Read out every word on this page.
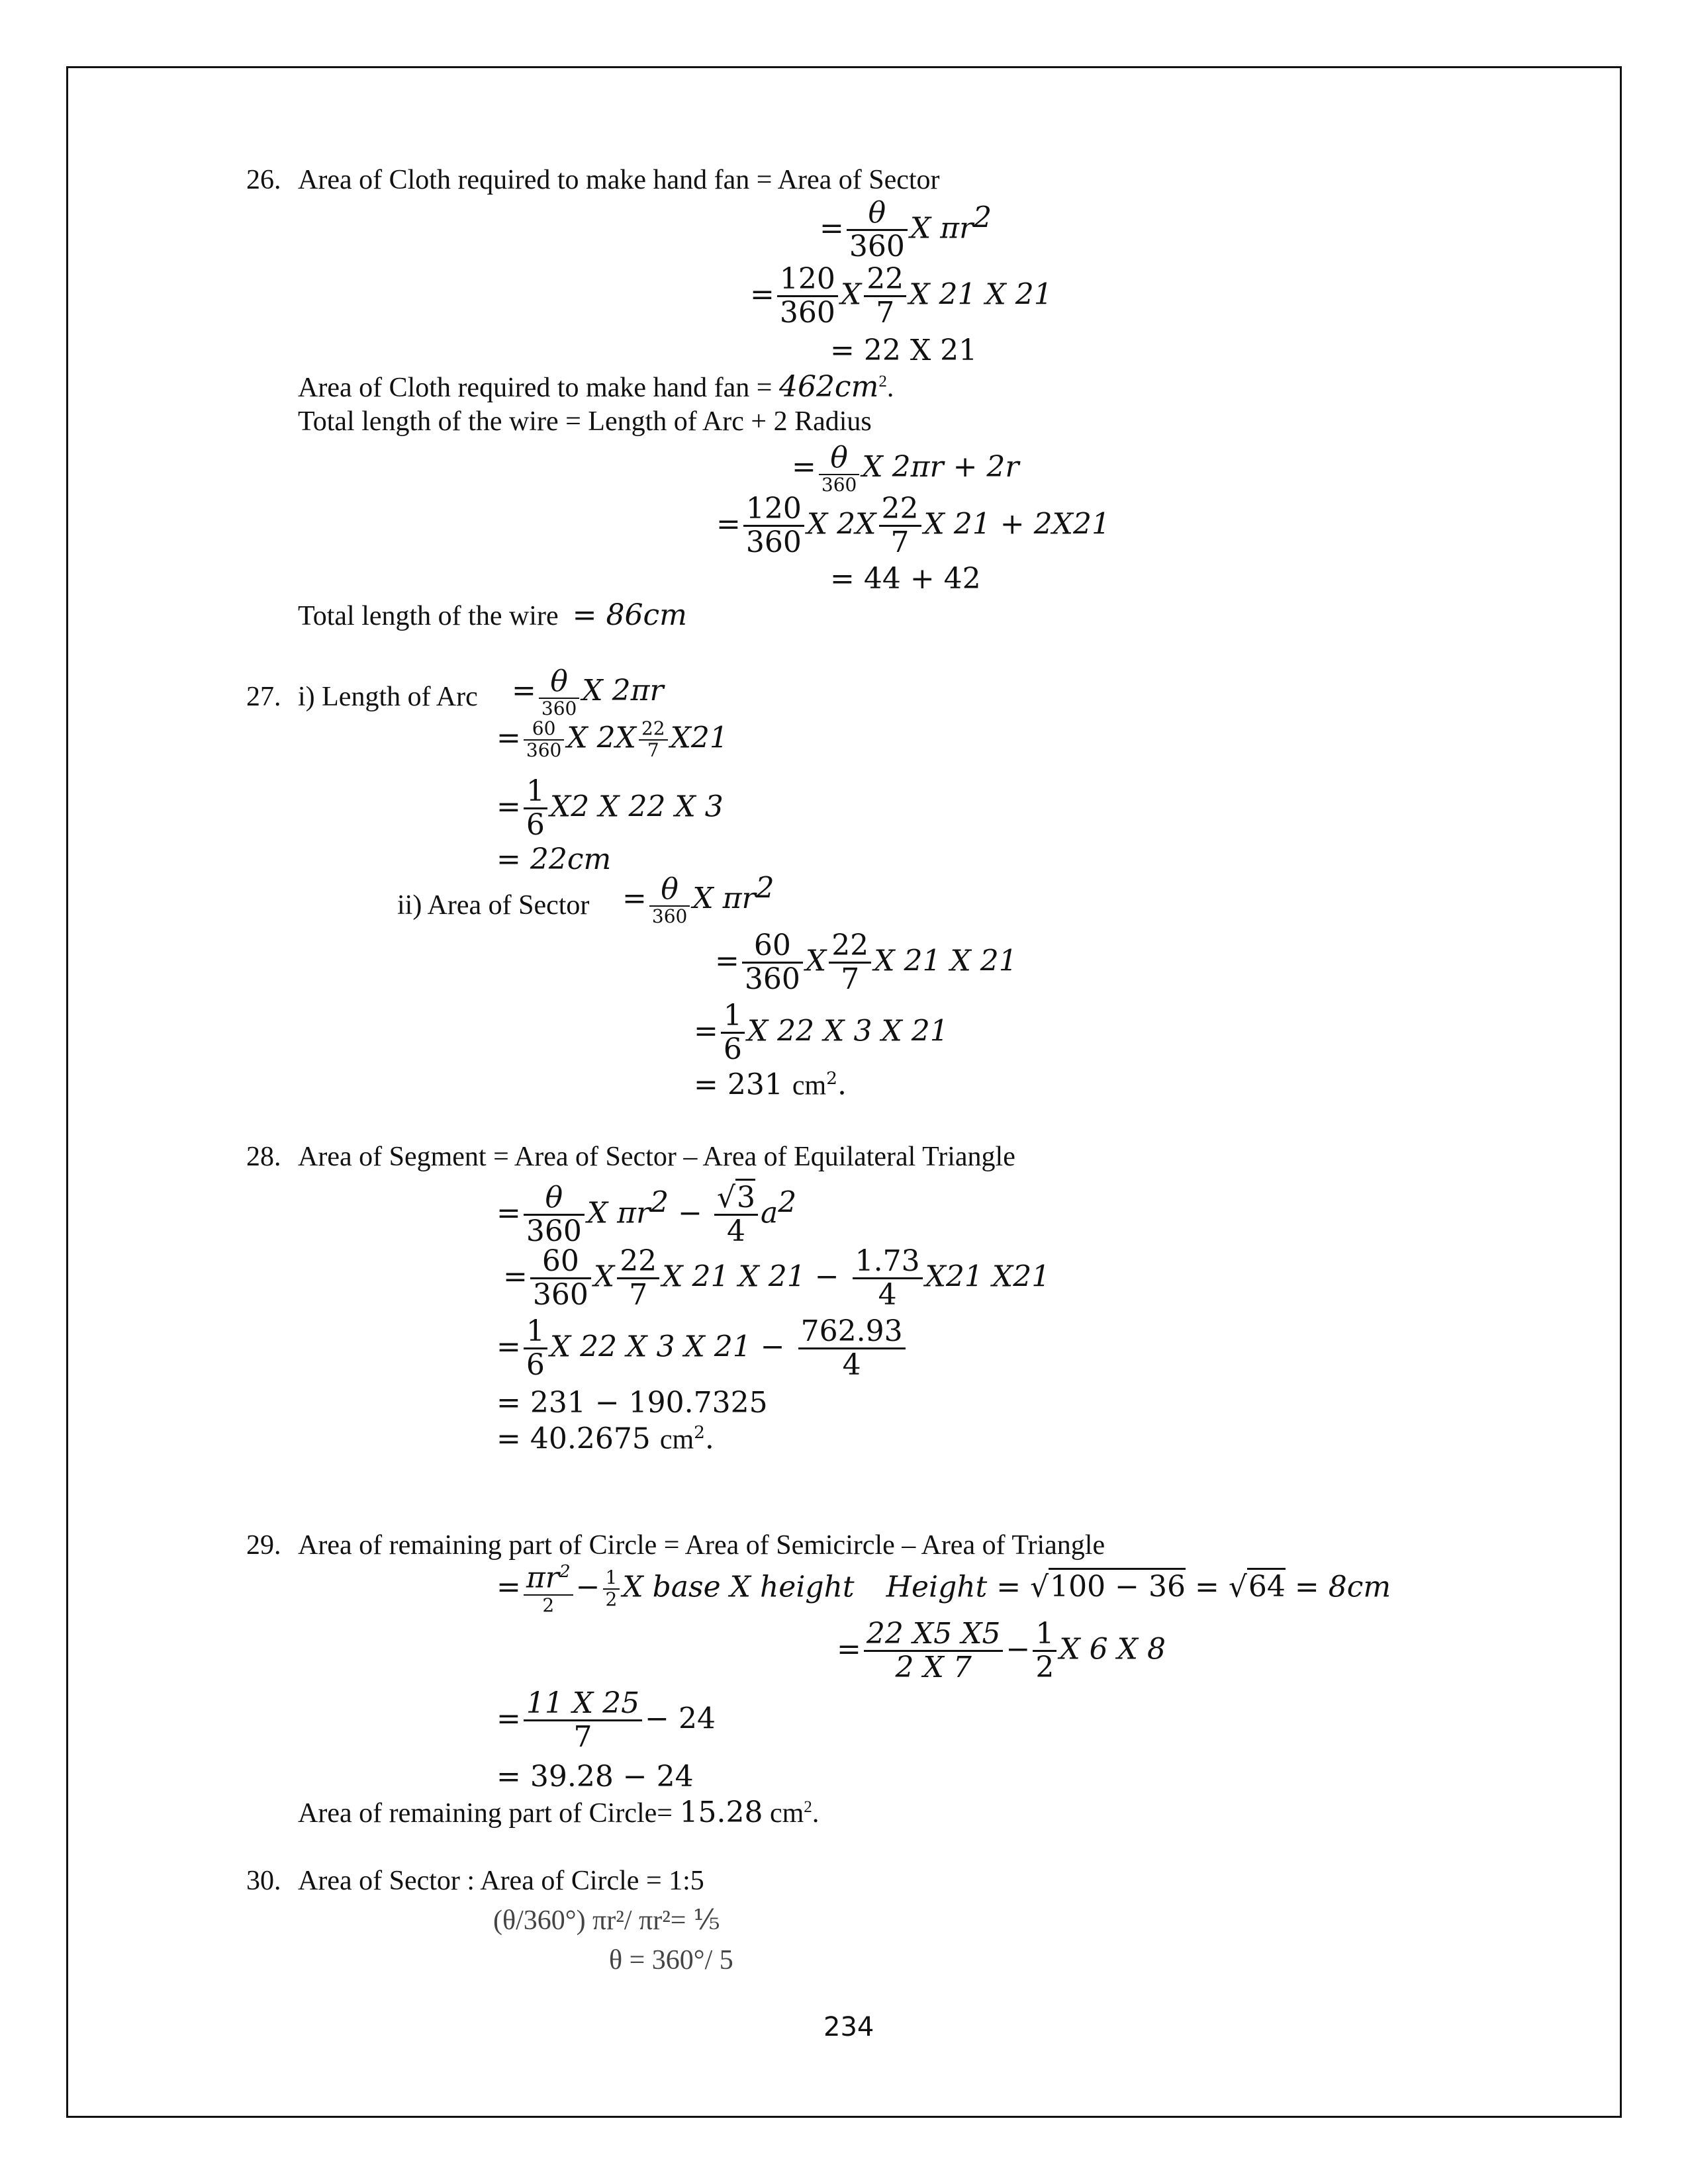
26. Area of Cloth required to make hand fan = Area of Sector
= $\frac{\theta}{360}$ X $\pi r^2$
= $\frac{120}{360}$ X $\frac{22}{7}$ X 21 X 21
= 22 X 21
Area of Cloth required to make hand fan = $462cm^2$.
Total length of the wire = Length of Arc + 2 Radius
= θ
360
X 2πr + 2r
= $\frac{120}{360}$ X $2X \frac{22}{7}$ X 21 + 2X21
= 44 + 42
Total length of the wire = 86cm
27. i) Length of Arc = θ
360
X 2πr
= $\frac{60}{360}$ X $2X \frac{22}{7} X21$
= $\frac{1}{6} X2$ X 22 X 3
= 22cm
ii) Area of Sector = θ
360
X $\pi r^2$
= $\frac{60}{360}$ X $\frac{22}{7}$ X 21 X 21
= $\frac{1}{6}$ X 22 X 3 X 21
= 231 $cm^2$.
28. Area of Segment = Area of Sector – Area of Equilateral Triangle
= $\frac{\theta}{360}$ X $\pi r^2 - \frac{√3}{4} a^2$
= $\frac{60}{360}$ X $\frac{22}{7}$ X 21 X $21 - \frac{1.73}{4} X21$ X21
= $\frac{1}{6}$ X 22 X 3 X $21 - \frac{762.93}{4}$
= 231 − 190.7325
= 40.2675 $cm^2$.
29. Area of remaining part of Circle = Area of Semicircle – Area of Triangle
= $\pi r^2$
2
− $\frac{1}{2}$ X base X height Height = √100 − 36 = √64 = 8cm
= $\frac{22 X5 X5}{2 X 7} - \frac{1}{2}$ X 6 X 8
= $\frac{11 X 25}{7} - 24$
= 39.28 − 24
Area of remaining part of Circle= 15.28 $cm^2$.
30. Area of Sector : Area of Circle = 1:5
(θ/360°) πr²/ πr²= ⅕
θ = 360°/ 5
234
